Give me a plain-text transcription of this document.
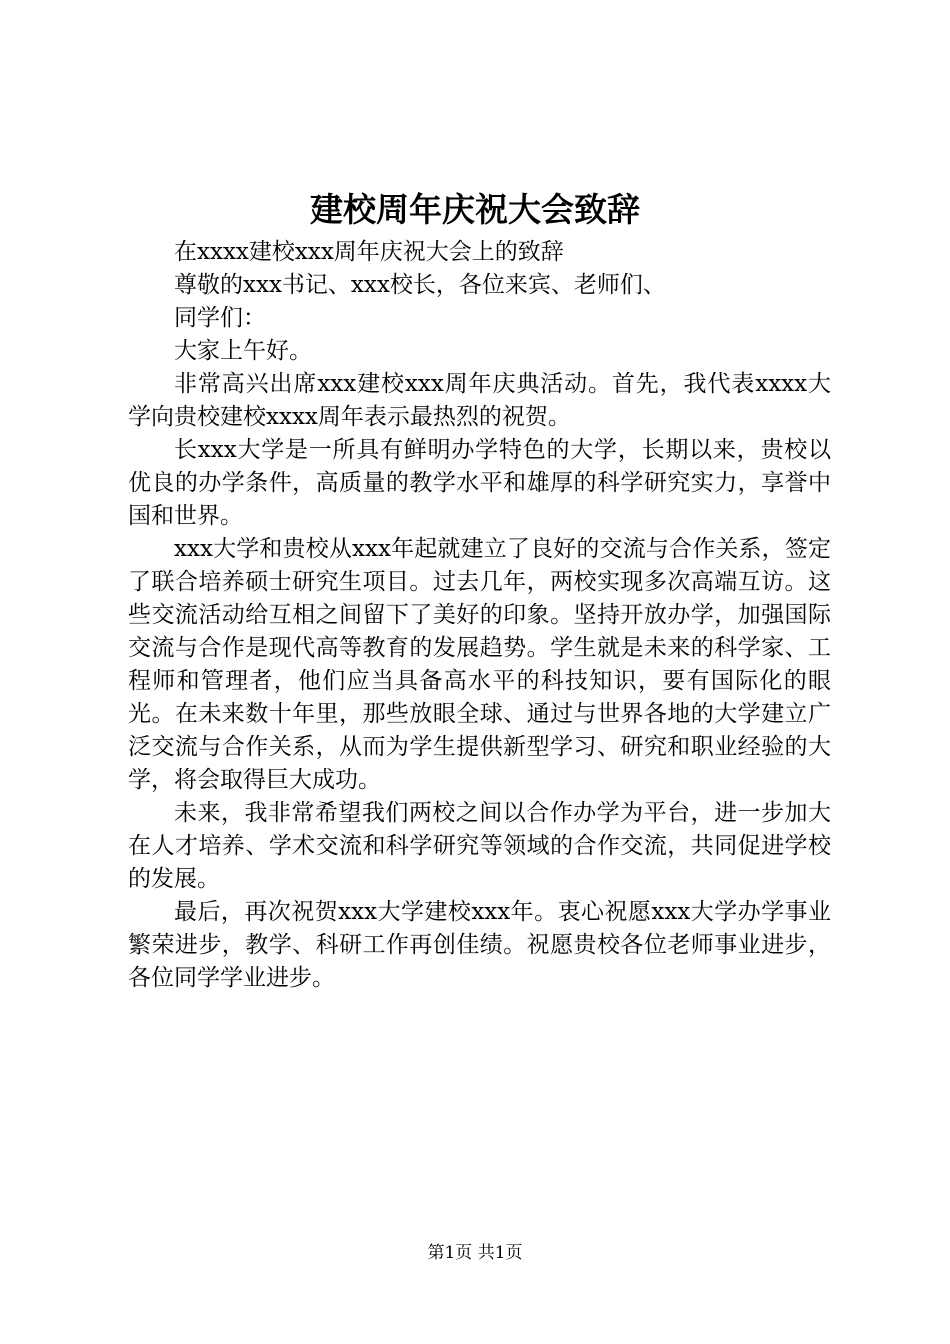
建校周年庆祝大会致辞

在xxxx建校xxx周年庆祝大会上的致辞

尊敬的xxx书记、xxx校长，各位来宾、老师们、

同学们：

大家上午好。

非常高兴出席xxx建校xxx周年庆典活动。首先，我代表xxxx大学向贵校建校xxxx周年表示最热烈的祝贺。

长xxx大学是一所具有鲜明办学特色的大学，长期以来，贵校以优良的办学条件，高质量的教学水平和雄厚的科学研究实力，享誉中国和世界。

xxx大学和贵校从xxx年起就建立了良好的交流与合作关系，签定了联合培养硕士研究生项目。过去几年，两校实现多次高端互访。这些交流活动给互相之间留下了美好的印象。坚持开放办学，加强国际交流与合作是现代高等教育的发展趋势。学生就是未来的科学家、工程师和管理者，他们应当具备高水平的科技知识，要有国际化的眼光。在未来数十年里，那些放眼全球、通过与世界各地的大学建立广泛交流与合作关系，从而为学生提供新型学习、研究和职业经验的大学，将会取得巨大成功。

未来，我非常希望我们两校之间以合作办学为平台，进一步加大在人才培养、学术交流和科学研究等领域的合作交流，共同促进学校的发展。

最后，再次祝贺xxx大学建校xxx年。衷心祝愿xxx大学办学事业繁荣进步，教学、科研工作再创佳绩。祝愿贵校各位老师事业进步，各位同学学业进步。

第1页 共1页
